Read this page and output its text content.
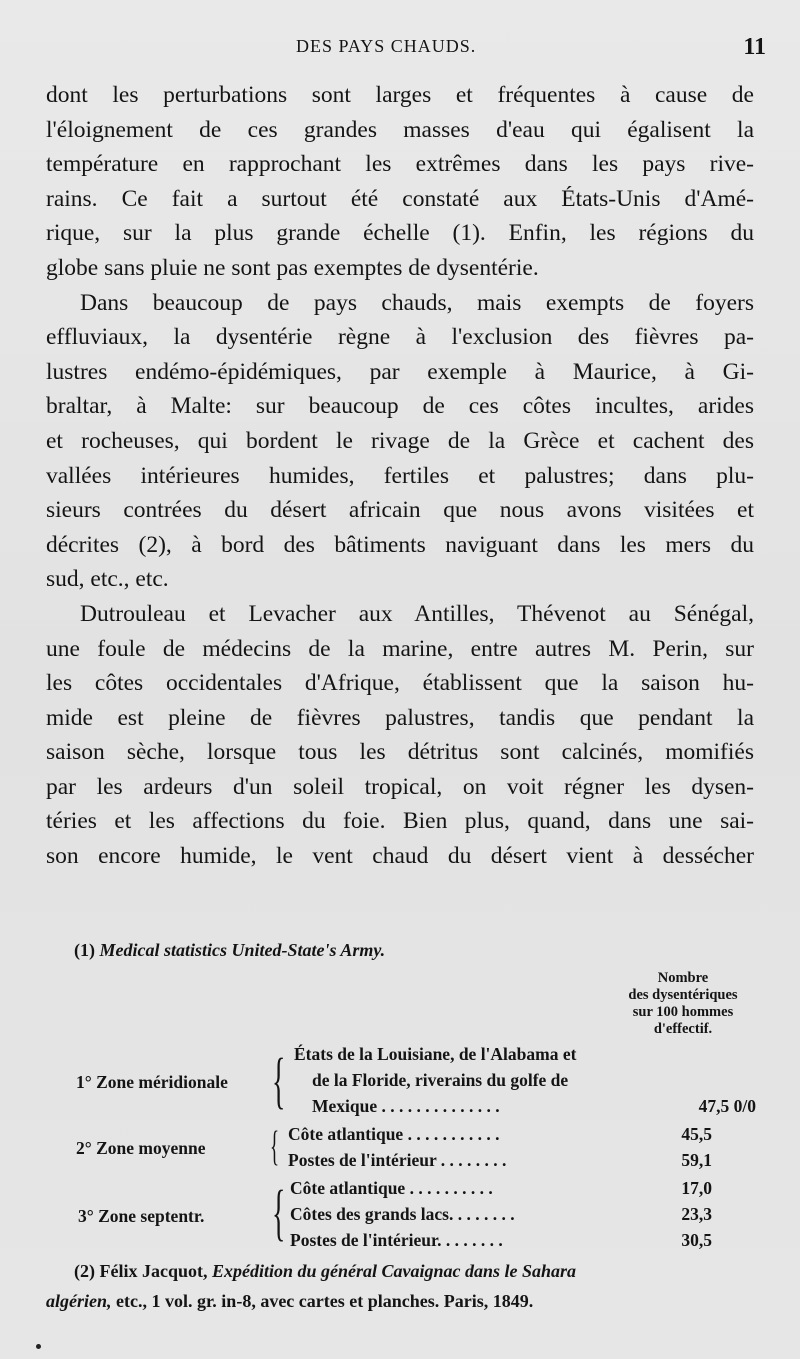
DES PAYS CHAUDS.	11

dont les perturbations sont larges et fréquentes à cause de
l'éloignement de ces grandes masses d'eau qui égalisent la
température en rapprochant les extrêmes dans les pays rive-
rains. Ce fait a surtout été constaté aux États-Unis d'Amé-
rique, sur la plus grande échelle (1). Enfin, les régions du
globe sans pluie ne sont pas exemptes de dysentérie.

Dans beaucoup de pays chauds, mais exempts de foyers
effluviaux, la dysentérie règne à l'exclusion des fièvres pa-
lustres endémo-épidémiques, par exemple à Maurice, à Gi-
braltar, à Malte: sur beaucoup de ces côtes incultes, arides
et rocheuses, qui bordent le rivage de la Grèce et cachent des
vallées intérieures humides, fertiles et palustres; dans plu-
sieurs contrées du désert africain que nous avons visitées et
décrites (2), à bord des bâtiments naviguant dans les mers du
sud, etc., etc.

Dutrouleau et Levacher aux Antilles, Thévenot au Sénégal,
une foule de médecins de la marine, entre autres M. Perin, sur
les côtes occidentales d'Afrique, établissent que la saison hu-
mide est pleine de fièvres palustres, tandis que pendant la
saison sèche, lorsque tous les détritus sont calcinés, momifiés
par les ardeurs d'un soleil tropical, on voit régner les dysen-
téries et les affections du foie. Bien plus, quand, dans une sai-
son encore humide, le vent chaud du désert vient à dessécher

(1) Medical statistics United-State's Army.
Nombre
des dysentériques
sur 100 hommes
d'effectif.
1° Zone méridionale { États de la Louisiane, de l'Alabama et
de la Floride, riverains du golfe de
Mexique . . . . . . . . . . . . . .	47,5 0/0
2° Zone moyenne { Côte atlantique . . . . . . . . . . .	45,5
Postes de l'intérieur . . . . . . . .	59,1
3° Zone septentr. { Côte atlantique . . . . . . . . . .	17,0
Côtes des grands lacs. . . . . . . .	23,3
Postes de l'intérieur. . . . . . . .	30,5
(2) Félix Jacquot, Expédition du général Cavaignac dans le Sahara
algérien, etc., 1 vol. gr. in-8, avec cartes et planches. Paris, 1849.
